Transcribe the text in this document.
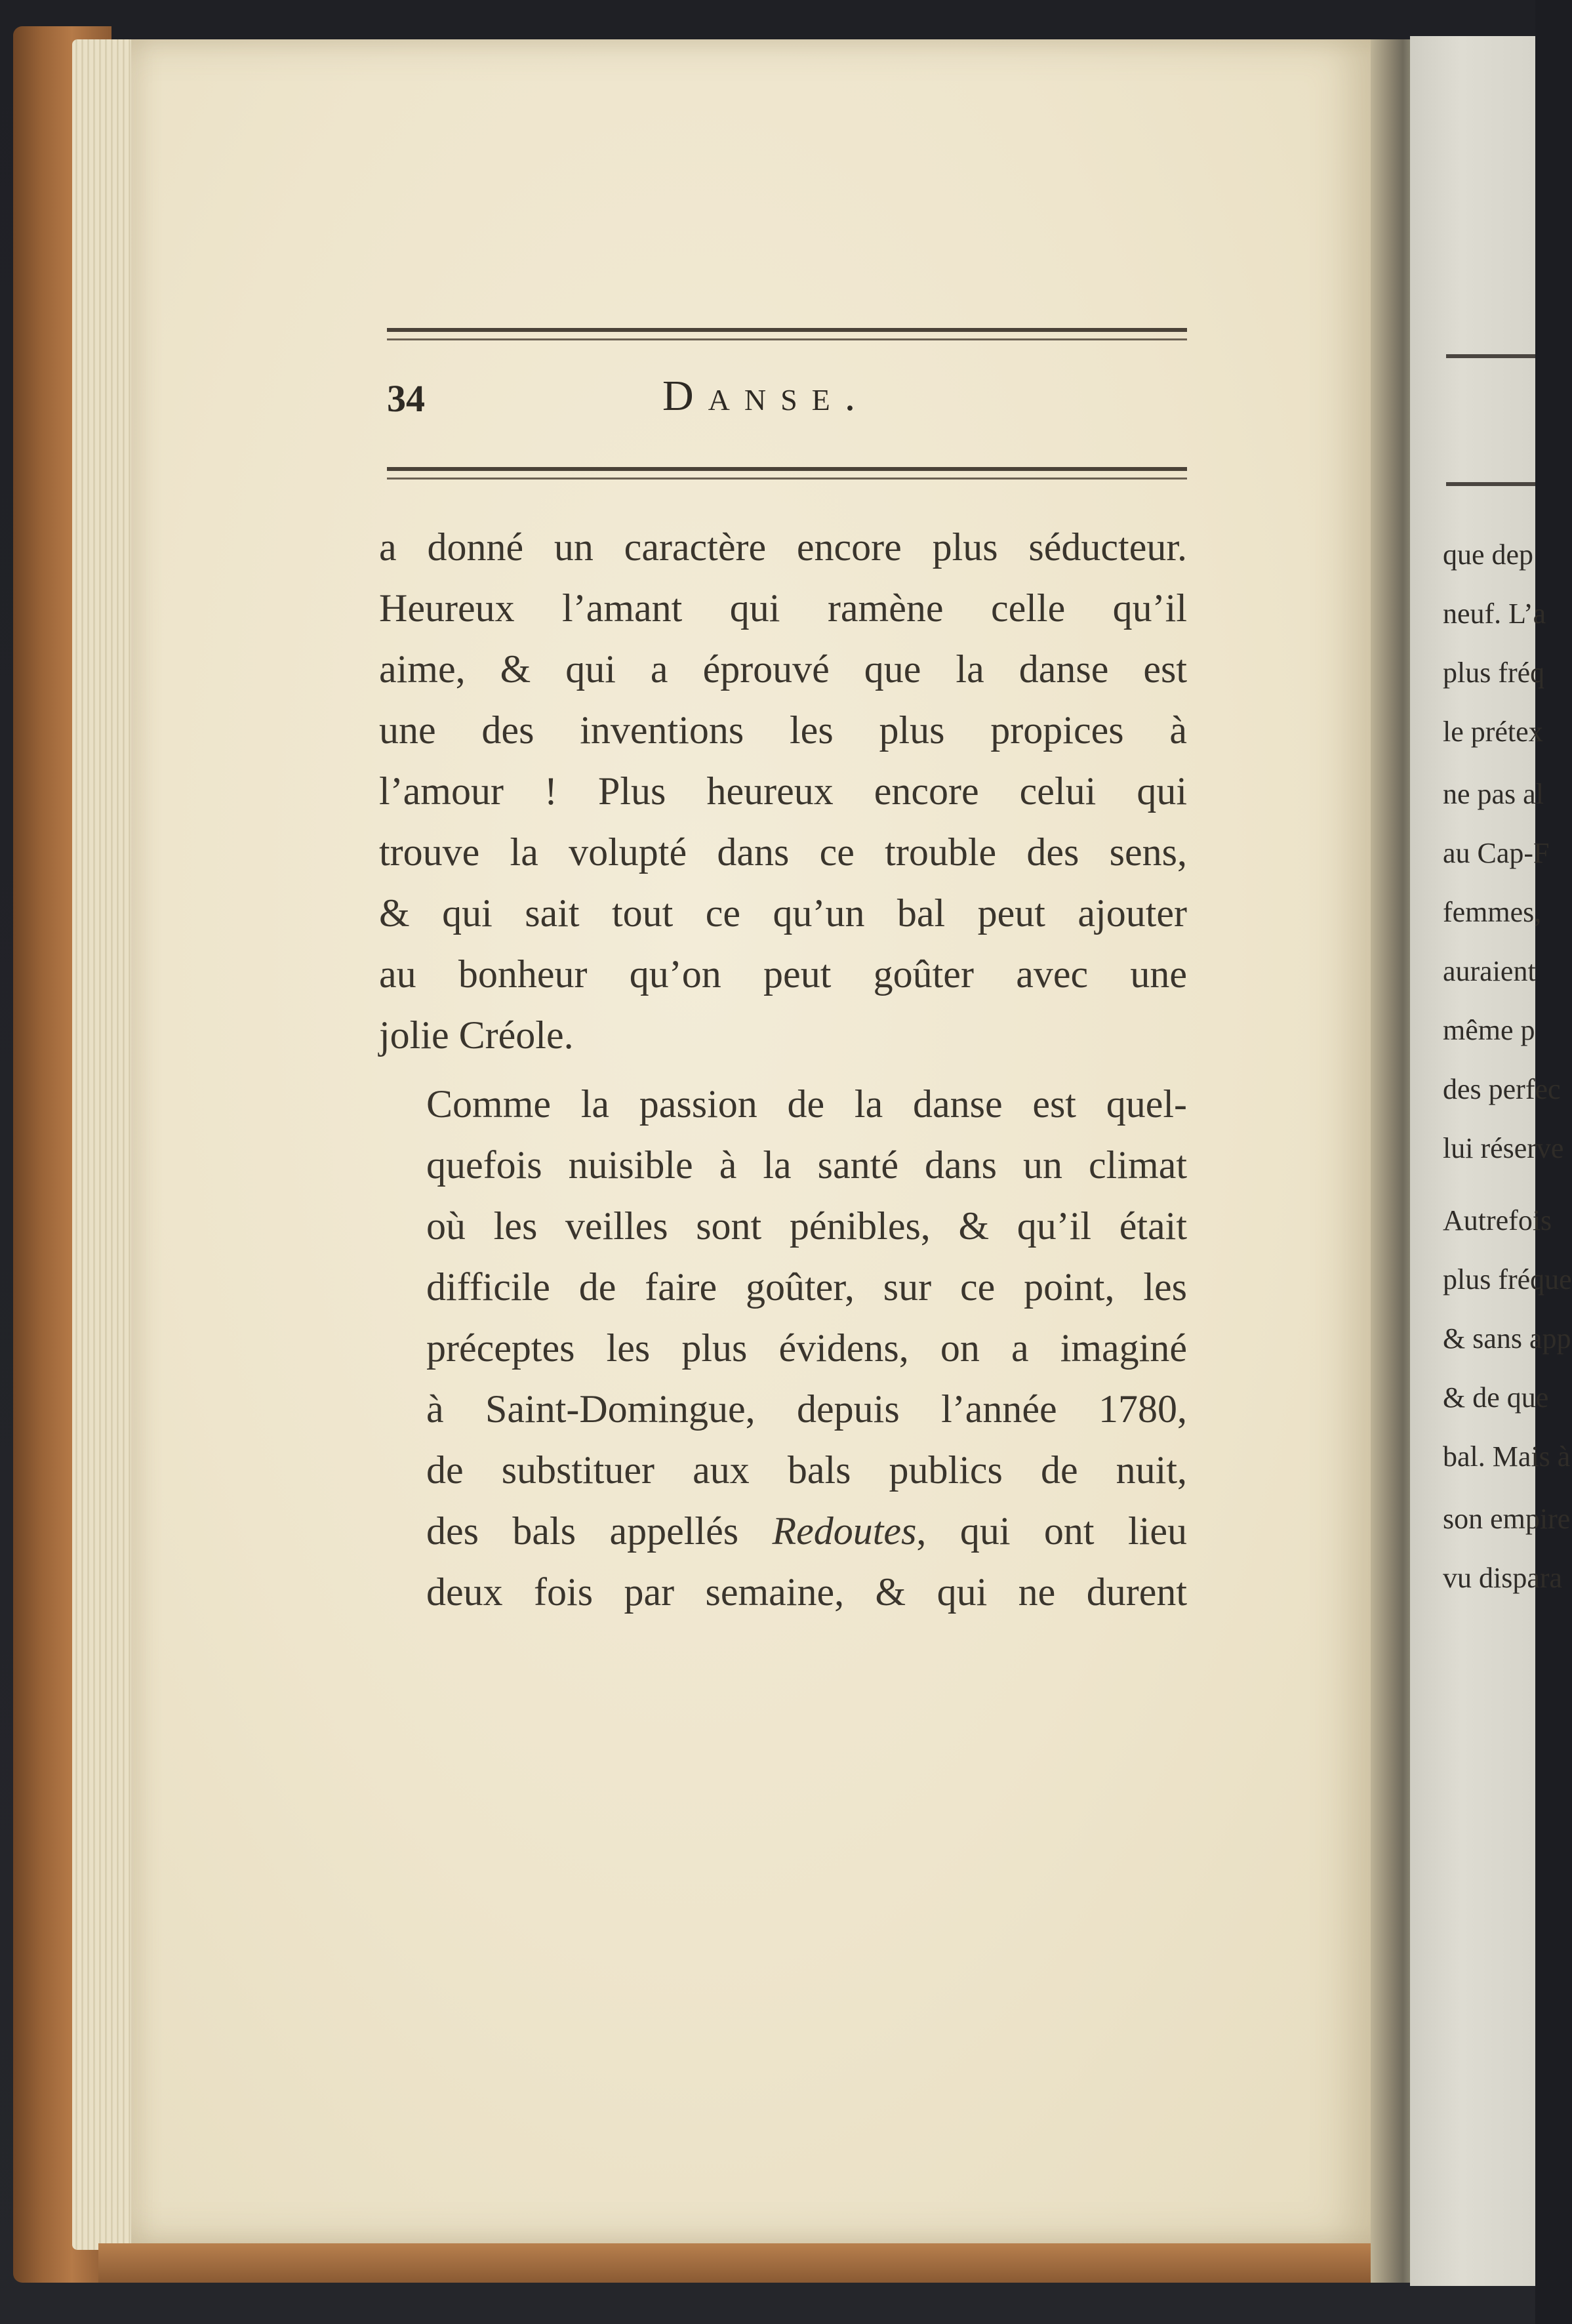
34	Danse.

a donné un caractère encore plus séducteur.
Heureux l’amant qui ramène celle qu’il
aime, & qui a éprouvé que la danse est
une des inventions les plus propices à
l’amour ! Plus heureux encore celui qui
trouve la volupté dans ce trouble des sens,
& qui sait tout ce qu’un bal peut ajouter
au bonheur qu’on peut goûter avec une
jolie Créole.

Comme la passion de la danse est quel-
quefois nuisible à la santé dans un climat
où les veilles sont pénibles, & qu’il était
difficile de faire goûter, sur ce point, les
préceptes les plus évidens, on a imaginé
à Saint-Domingue, depuis l’année 1780,
de substituer aux bals publics de nuit,
des bals appellés Redoutes, qui ont lieu
deux fois par semaine, & qui ne durent

que dep
neuf. L’a
plus fréq
le prétex
ne pas al
au Cap-F
femmes,
auraient
même p
des perfec
lui réserve
Autrefois
plus fréque
& sans app
& de que
bal. Mais à
son empire
vu dispara
